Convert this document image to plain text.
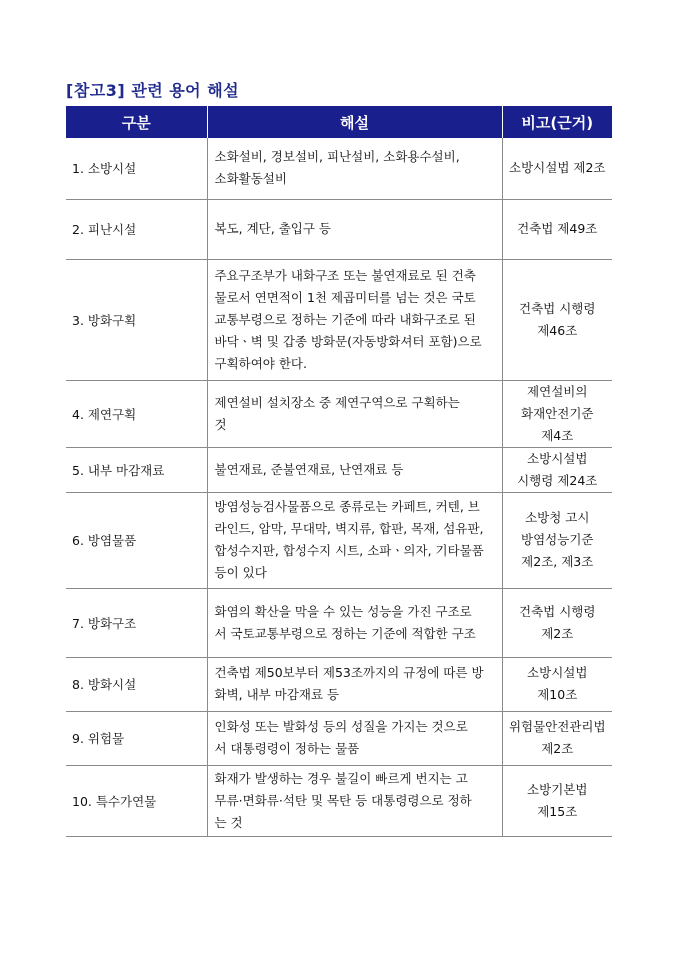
[참고3] 관련 용어 해설
구분	해설	비고(근거)
1. 소방시설	소화설비, 경보설비, 피난설비, 소화용수설비,
소화활동설비	소방시설법 제2조

2. 피난시설	복도, 계단, 출입구 등	건축법 제49조

3. 방화구획	주요구조부가 내화구조 또는 불연재료로 된 건축
물로서 연면적이 1천 제곱미터를 넘는 것은 국토
교통부령으로 정하는 기준에 따라 내화구조로 된
바닥ㆍ벽 및 갑종 방화문(자동방화셔터 포함)으로
구획하여야 한다.	건축법 시행령
제46조

4. 제연구획	제연설비 설치장소 중 제연구역으로 구획하는
것	제연설비의
화재안전기준
제4조

5. 내부 마감재료	불연재료, 준불연재료, 난연재료 등	소방시설법
시행령 제24조

6. 방염물품	방염성능검사물품으로 종류로는 카페트, 커텐, 브
라인드, 암막, 무대막, 벽지류, 합판, 목재, 섬유판,
합성수지판, 합성수지 시트, 소파ㆍ의자, 기타물품
등이 있다	소방청 고시
방염성능기준
제2조, 제3조

7. 방화구조	화염의 확산을 막을 수 있는 성능을 가진 구조로
서 국토교통부령으로 정하는 기준에 적합한 구조	건축법 시행령
제2조

8. 방화시설	건축법 제50보부터 제53조까지의 규정에 따른 방
화벽, 내부 마감재료 등	소방시설법
제10조

9. 위험물	인화성 또는 발화성 등의 성질을 가지는 것으로
서 대통령령이 정하는 물품	위험물안전관리법
제2조

10. 특수가연물	화재가 발생하는 경우 불길이 빠르게 번지는 고
무류·면화류·석탄 및 목탄 등 대통령령으로 정하
는 것	소방기본법
제15조
